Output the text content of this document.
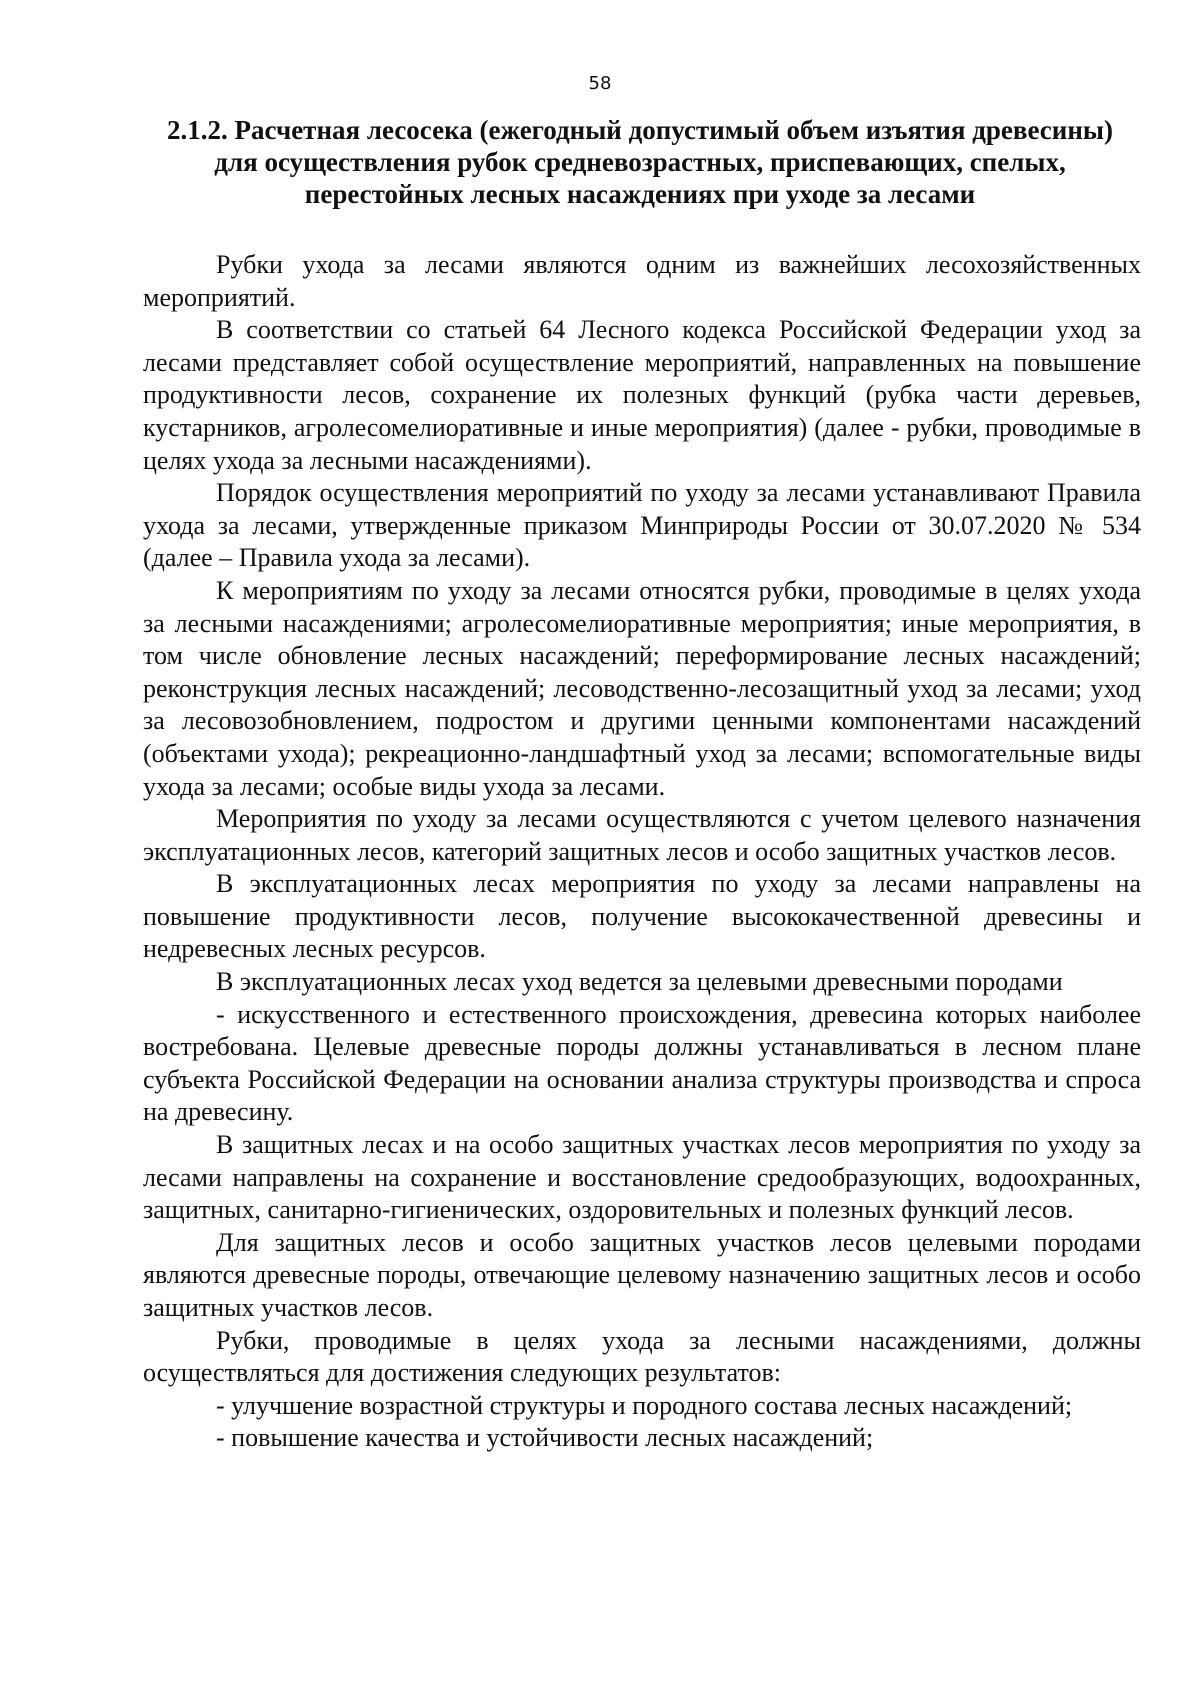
58
2.1.2. Расчетная лесосека (ежегодный допустимый объем изъятия древесины)
для осуществления рубок средневозрастных, приспевающих, спелых,
перестойных лесных насаждениях при уходе за лесами

Рубки ухода за лесами являются одним из важнейших лесохозяйственных мероприятий.

В соответствии со статьей 64 Лесного кодекса Российской Федерации уход за лесами представляет собой осуществление мероприятий, направленных на повышение продуктивности лесов, сохранение их полезных функций (рубка части деревьев, кустарников, агролесомелиоративные и иные мероприятия) (далее - рубки, проводимые в целях ухода за лесными насаждениями).

Порядок осуществления мероприятий по уходу за лесами устанавливают Правила ухода за лесами, утвержденные приказом Минприроды России от 30.07.2020 № 534 (далее – Правила ухода за лесами).

К мероприятиям по уходу за лесами относятся рубки, проводимые в целях ухода за лесными насаждениями; агролесомелиоративные мероприятия; иные мероприятия, в том числе обновление лесных насаждений; переформирование лесных насаждений; реконструкция лесных насаждений; лесоводственно-лесозащитный уход за лесами; уход за лесовозобновлением, подростом и другими ценными компонентами насаждений (объектами ухода); рекреационно-ландшафтный уход за лесами; вспомогательные виды ухода за лесами; особые виды ухода за лесами.

Мероприятия по уходу за лесами осуществляются с учетом целевого назначения эксплуатационных лесов, категорий защитных лесов и особо защитных участков лесов.

В эксплуатационных лесах мероприятия по уходу за лесами направлены на повышение продуктивности лесов, получение высококачественной древесины и недревесных лесных ресурсов.

В эксплуатационных лесах уход ведется за целевыми древесными породами

- искусственного и естественного происхождения, древесина которых наиболее востребована. Целевые древесные породы должны устанавливаться в лесном плане субъекта Российской Федерации на основании анализа структуры производства и спроса на древесину.

В защитных лесах и на особо защитных участках лесов мероприятия по уходу за лесами направлены на сохранение и восстановление средообразующих, водоохранных, защитных, санитарно-гигиенических, оздоровительных и полезных функций лесов.

Для защитных лесов и особо защитных участков лесов целевыми породами являются древесные породы, отвечающие целевому назначению защитных лесов и особо защитных участков лесов.

Рубки, проводимые в целях ухода за лесными насаждениями, должны осуществляться для достижения следующих результатов:

- улучшение возрастной структуры и породного состава лесных насаждений;

- повышение качества и устойчивости лесных насаждений;
